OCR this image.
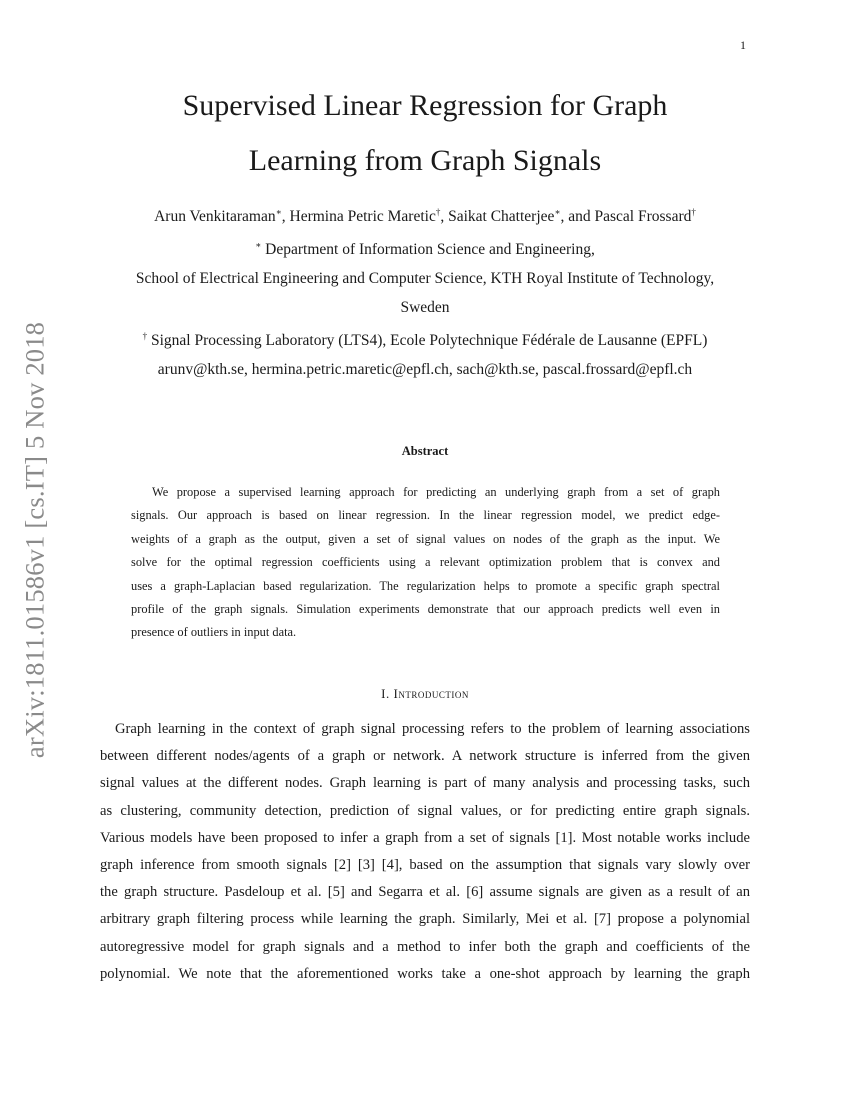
1
arXiv:1811.01586v1 [cs.IT] 5 Nov 2018
Supervised Linear Regression for Graph
Learning from Graph Signals
Arun Venkitaraman∗, Hermina Petric Maretic†, Saikat Chatterjee∗, and Pascal Frossard†
∗ Department of Information Science and Engineering,
School of Electrical Engineering and Computer Science, KTH Royal Institute of Technology,
Sweden
† Signal Processing Laboratory (LTS4), Ecole Polytechnique Fédérale de Lausanne (EPFL)
arunv@kth.se, hermina.petric.maretic@epfl.ch, sach@kth.se, pascal.frossard@epfl.ch
Abstract
We propose a supervised learning approach for predicting an underlying graph from a set of graph
signals. Our approach is based on linear regression. In the linear regression model, we predict edge-
weights of a graph as the output, given a set of signal values on nodes of the graph as the input. We
solve for the optimal regression coefficients using a relevant optimization problem that is convex and
uses a graph-Laplacian based regularization. The regularization helps to promote a specific graph spectral
profile of the graph signals. Simulation experiments demonstrate that our approach predicts well even in
presence of outliers in input data.
I. Introduction
Graph learning in the context of graph signal processing refers to the problem of learning associations
between different nodes/agents of a graph or network. A network structure is inferred from the given
signal values at the different nodes. Graph learning is part of many analysis and processing tasks, such
as clustering, community detection, prediction of signal values, or for predicting entire graph signals.
Various models have been proposed to infer a graph from a set of signals [1]. Most notable works include
graph inference from smooth signals [2] [3] [4], based on the assumption that signals vary slowly over
the graph structure. Pasdeloup et al. [5] and Segarra et al. [6] assume signals are given as a result of an
arbitrary graph filtering process while learning the graph. Similarly, Mei et al. [7] propose a polynomial
autoregressive model for graph signals and a method to infer both the graph and coefficients of the
polynomial. We note that the aforementioned works take a one-shot approach by learning the graph
